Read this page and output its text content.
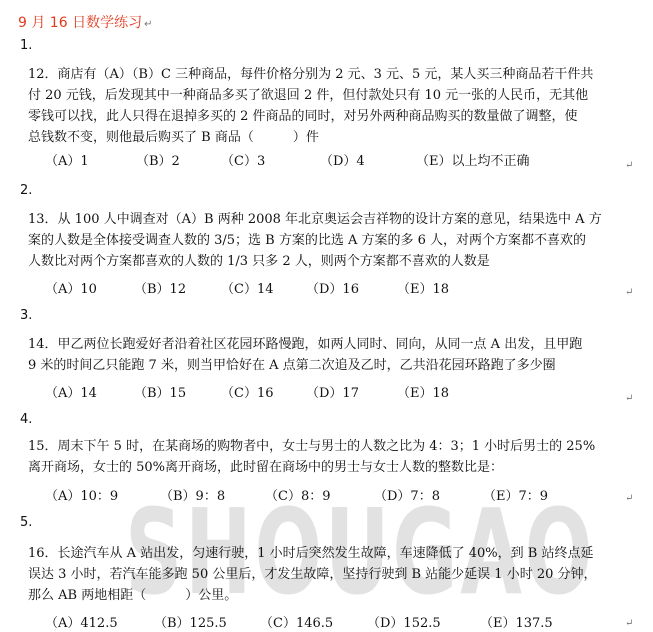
SHOUGAO
9 月 16 日数学练习 ↵
1.
12．商店有（A）（B）C 三种商品，每件价格分别为 2 元、3 元、5 元，某人买三种商品若干件共
付 20 元钱，后发现其中一种商品多买了欲退回 2 件，但付款处只有 10 元一张的人民币，无其他
零钱可以找，此人只得在退掉多买的 2 件商品的同时，对另外两种商品购买的数量做了调整，使
总钱数不变，则他最后购买了 B 商品（　　　）件
（A）1	（B）2	（C）3	（D）4	（E）以上均不正确	↵
2.
13．从 100 人中调查对（A）B 两种 2008 年北京奥运会吉祥物的设计方案的意见，结果选中 A 方
案的人数是全体接受调查人数的 3/5；选 B 方案的比选 A 方案的多 6 人，对两个方案都不喜欢的
人数比对两个方案都喜欢的人数的 1/3 只多 2 人，则两个方案都不喜欢的人数是
（A）10	（B）12	（C）14	（D）16	（E）18	↵
3.
14．甲乙两位长跑爱好者沿着社区花园环路慢跑，如两人同时、同向，从同一点 A 出发，且甲跑
9 米的时间乙只能跑 7 米，则当甲恰好在 A 点第二次追及乙时，乙共沿花园环路跑了多少圈
（A）14	（B）15	（C）16	（D）17	（E）18	↵
4.
15．周末下午 5 时，在某商场的购物者中，女士与男士的人数之比为 4：3；1 小时后男士的 25%
离开商场，女士的 50%离开商场，此时留在商场中的男士与女士人数的整数比是：
（A）10：9	（B）9：8	（C）8：9	（D）7：8	（E）7：9	↵
5.
16．长途汽车从 A 站出发，匀速行驶，1 小时后突然发生故障，车速降低了 40%，到 B 站终点延
误达 3 小时，若汽车能多跑 50 公里后，才发生故障，坚持行驶到 B 站能少延误 1 小时 20 分钟，
那么 AB 两地相距（　　　）公里。
（A）412.5	（B）125.5	（C）146.5	（D）152.5	（E）137.5	↵
